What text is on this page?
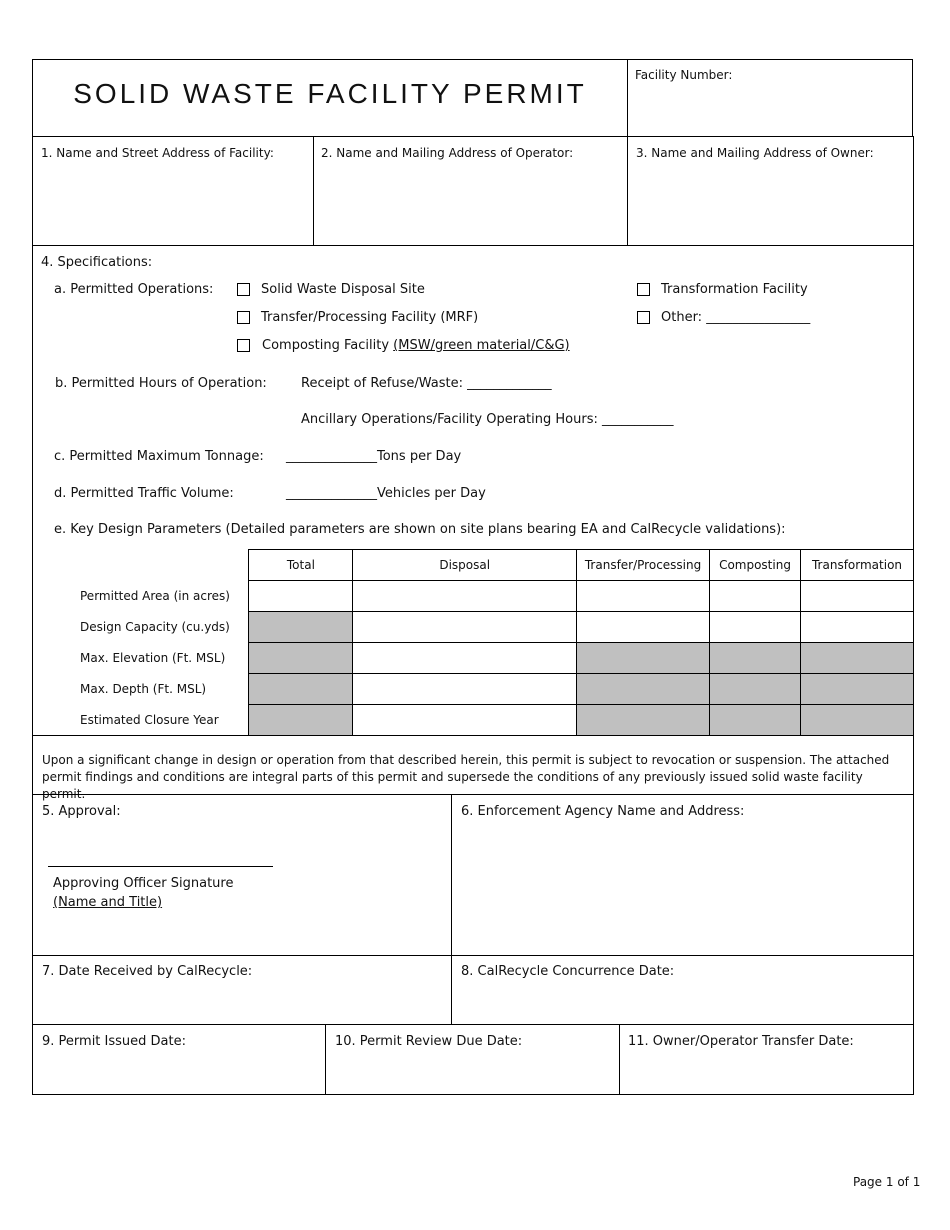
SOLID WASTE FACILITY PERMIT
Facility Number:
1. Name and Street Address of Facility:	2. Name and Mailing Address of Operator:	3. Name and Mailing Address of Owner:
4. Specifications:
a. Permitted Operations:	Solid Waste Disposal Site
Transfer/Processing Facility (MRF)
Composting Facility (MSW/green material/C&G)
Transformation Facility
Other: ________________
b. Permitted Hours of Operation:	Receipt of Refuse/Waste: _____________
Ancillary Operations/Facility Operating Hours: ___________
c. Permitted Maximum Tonnage: ______________Tons per Day
d. Permitted Traffic Volume:	______________Vehicles per Day
e. Key Design Parameters (Detailed parameters are shown on site plans bearing EA and CalRecycle validations):
	Total	Disposal	Transfer/Processing	Composting	Transformation
Permitted Area (in acres)					
Design Capacity (cu.yds)					
Max. Elevation (Ft. MSL)					
Max. Depth (Ft. MSL)					
Estimated Closure Year					
Upon a significant change in design or operation from that described herein, this permit is subject to revocation or suspension. The attached permit findings and conditions are integral parts of this permit and supersede the conditions of any previously issued solid waste facility permit.
5. Approval:
Approving Officer Signature
(Name and Title)
6. Enforcement Agency Name and Address:
7. Date Received by CalRecycle:	8. CalRecycle Concurrence Date:
9. Permit Issued Date:	10. Permit Review Due Date:	11. Owner/Operator Transfer Date:
Page 1 of 1
